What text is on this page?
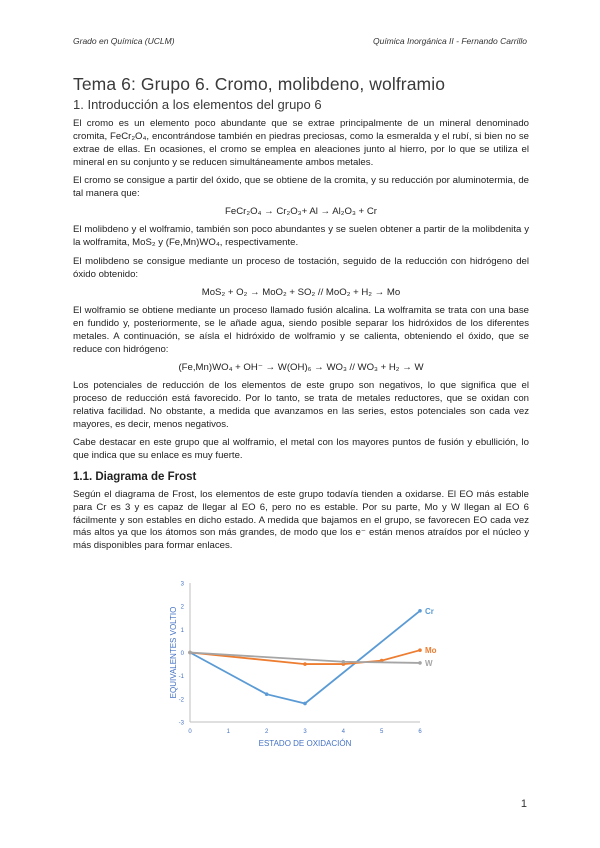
Grado en Química (UCLM)	Química Inorgánica II - Fernando Carrillo
Tema 6: Grupo 6. Cromo, molibdeno, wolframio
1. Introducción a los elementos del grupo 6

El cromo es un elemento poco abundante que se extrae principalmente de un mineral denominado cromita, FeCr₂O₄, encontrándose también en piedras preciosas, como la esmeralda y el rubí, si bien no se extrae de ellas. En ocasiones, el cromo se emplea en aleaciones junto al hierro, por lo que se utiliza el mineral en su conjunto y se reducen simultáneamente ambos metales.

El cromo se consigue a partir del óxido, que se obtiene de la cromita, y su reducción por aluminotermia, de tal manera que:

FeCr₂O₄ → Cr₂O₃+ Al → Al₂O₃ + Cr

El molibdeno y el wolframio, también son poco abundantes y se suelen obtener a partir de la molibdenita y la wolframita, MoS₂ y (Fe,Mn)WO₄, respectivamente.

El molibdeno se consigue mediante un proceso de tostación, seguido de la reducción con hidrógeno del óxido obtenido:

MoS₂ + O₂ → MoO₂ + SO₂ // MoO₂ + H₂ → Mo

El wolframio se obtiene mediante un proceso llamado fusión alcalina. La wolframita se trata con una base en fundido y, posteriormente, se le añade agua, siendo posible separar los hidróxidos de los diferentes metales. A continuación, se aísla el hidróxido de wolframio y se calienta, obteniendo el óxido, que se reduce con hidrógeno:

(Fe,Mn)WO₄ + OH⁻ → W(OH)₆ → WO₃ // WO₃ + H₂ → W

Los potenciales de reducción de los elementos de este grupo son negativos, lo que significa que el proceso de reducción está favorecido. Por lo tanto, se trata de metales reductores, que se oxidan con relativa facilidad. No obstante, a medida que avanzamos en las series, estos potenciales son cada vez mayores, es decir, menos negativos.

Cabe destacar en este grupo que al wolframio, el metal con los mayores puntos de fusión y ebullición, lo que indica que su enlace es muy fuerte.

1.1. Diagrama de Frost

Según el diagrama de Frost, los elementos de este grupo todavía tienden a oxidarse. El EO más estable para Cr es 3 y es capaz de llegar al EO 6, pero no es estable. Por su parte, Mo y W llegan al EO 6 fácilmente y son estables en dicho estado. A medida que bajamos en el grupo, se favorecen EO cada vez más altos ya que los átomos son más grandes, de modo que los e⁻ están menos atraídos por el núcleo y más disponibles para formar enlaces.

3
2
1
0
-1
-2
-3
0	1	2	3	4	5	6
ESTADO DE OXIDACIÓN
EQUIVALENTES VOLTIO	Cr
Mo
W
1
